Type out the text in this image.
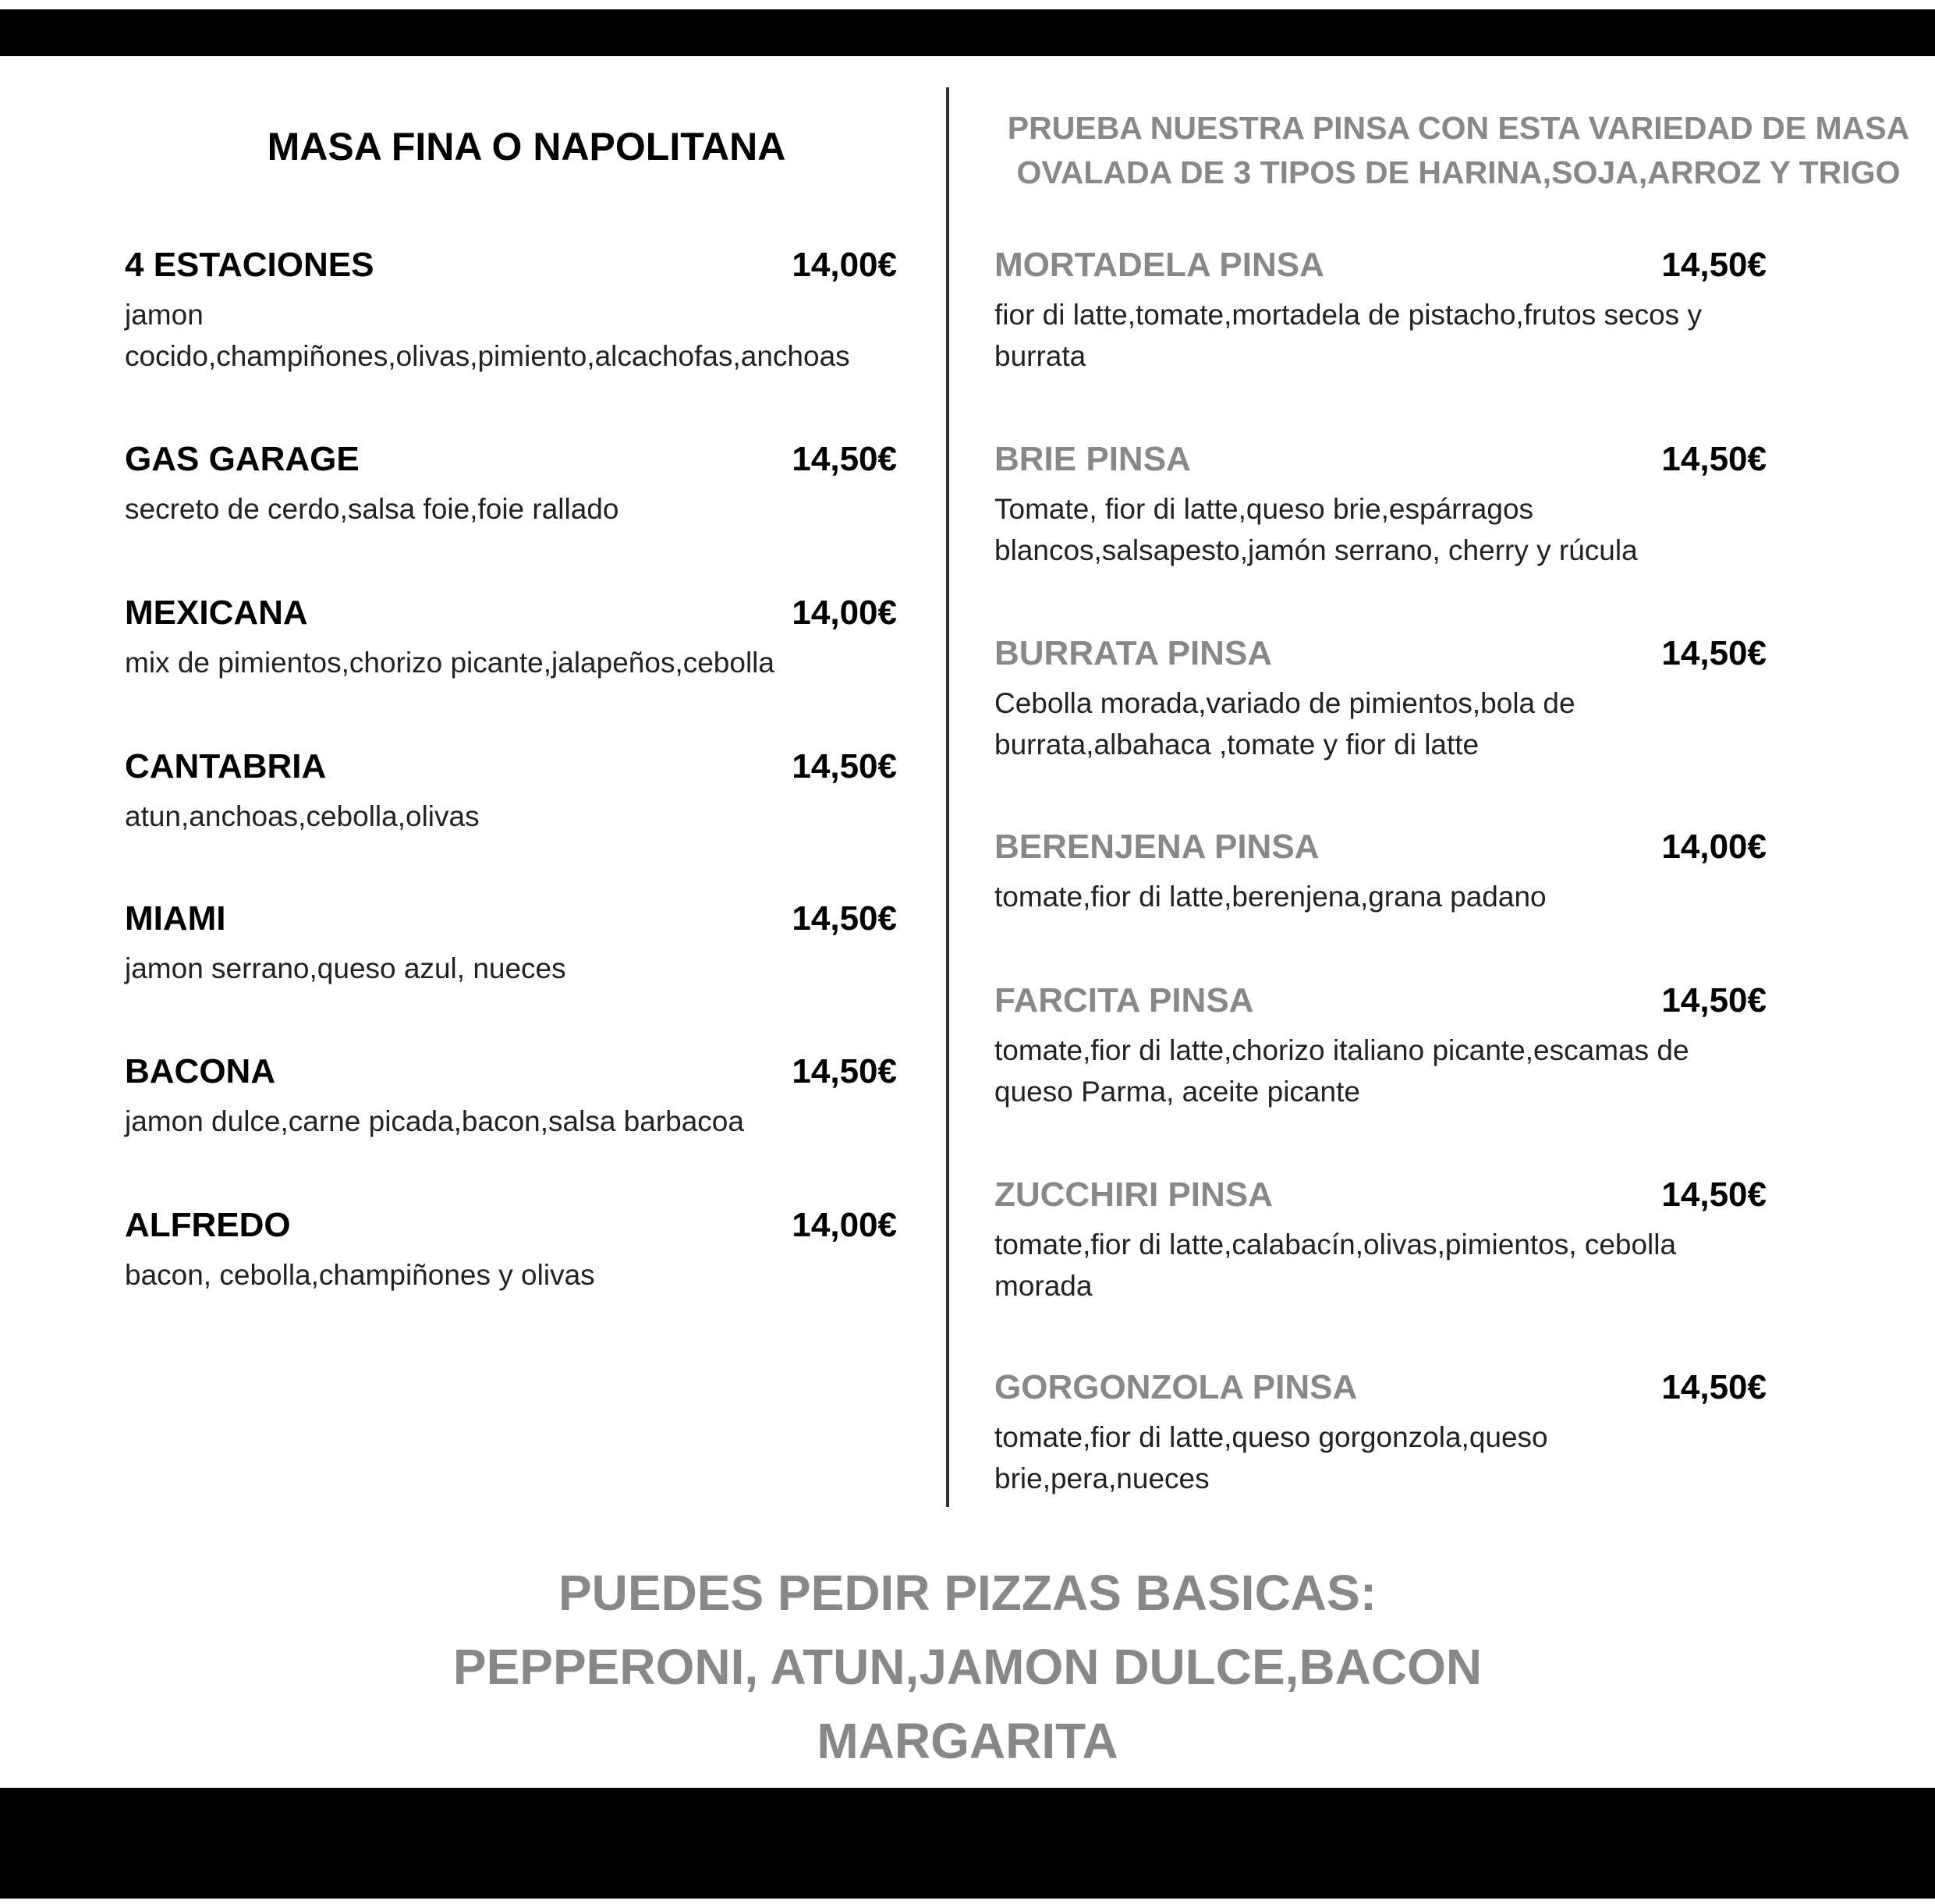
MASA FINA O NAPOLITANA	PRUEBA NUESTRA PINSA CON ESTA VARIEDAD DE MASA
OVALADA DE 3 TIPOS DE HARINA,SOJA,ARROZ Y TRIGO
4 ESTACIONES	14,00€
jamon cocido,champiñones,olivas,pimiento,alcachofas,anchoas
GAS GARAGE	14,50€
secreto de cerdo,salsa foie,foie rallado
MEXICANA	14,00€
mix de pimientos,chorizo picante,jalapeños,cebolla
CANTABRIA	14,50€
atun,anchoas,cebolla,olivas
MIAMI	14,50€
jamon serrano,queso azul, nueces
BACONA	14,50€
jamon dulce,carne picada,bacon,salsa barbacoa
ALFREDO	14,00€
bacon, cebolla,champiñones y olivas
MORTADELA PINSA	14,50€
fior di latte,tomate,mortadela de pistacho,frutos secos y burrata
BRIE PINSA	14,50€
Tomate, fior di latte,queso brie,espárragos blancos,salsapesto,jamón serrano, cherry y rúcula
BURRATA PINSA	14,50€
Cebolla morada,variado de pimientos,bola de burrata,albahaca ,tomate y fior di latte
BERENJENA PINSA	14,00€
tomate,fior di latte,berenjena,grana padano
FARCITA PINSA	14,50€
tomate,fior di latte,chorizo italiano picante,escamas de queso Parma, aceite picante
ZUCCHIRI PINSA	14,50€
tomate,fior di latte,calabacín,olivas,pimientos, cebolla morada
GORGONZOLA PINSA	14,50€
tomate,fior di latte,queso gorgonzola,queso brie,pera,nueces
PUEDES PEDIR PIZZAS BASICAS:
PEPPERONI, ATUN,JAMON DULCE,BACON
MARGARITA
